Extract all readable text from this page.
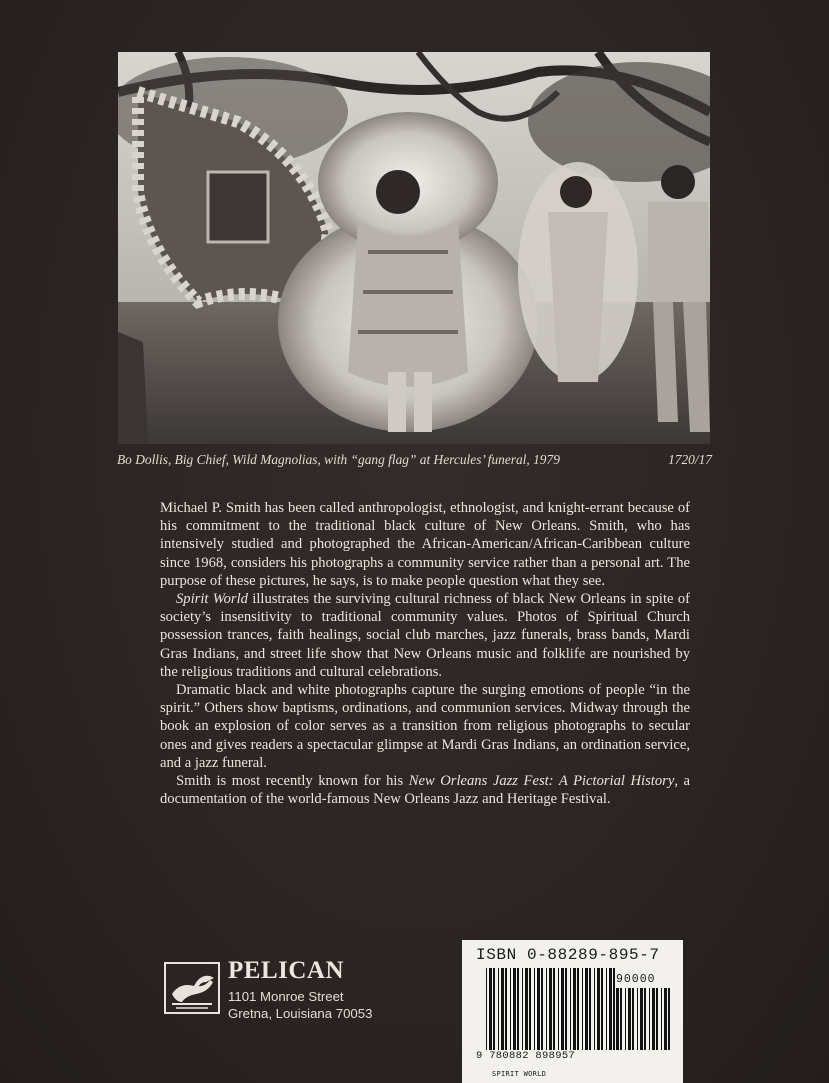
Bo Dollis, Big Chief, Wild Magnolias, with “gang flag” at Hercules’ funeral, 1979	1720/17

Michael P. Smith has been called anthropologist, ethnologist, and knight-errant because of his commitment to the traditional black culture of New Orleans. Smith, who has intensively studied and photographed the African-American/African-Caribbean culture since 1968, considers his photographs a community service rather than a personal art. The purpose of these pictures, he says, is to make people question what they see.

Spirit World illustrates the surviving cultural richness of black New Orleans in spite of society’s insensitivity to traditional community values. Photos of Spiritual Church possession trances, faith healings, social club marches, jazz funerals, brass bands, Mardi Gras Indians, and street life show that New Orleans music and folklife are nourished by the religious traditions and cultural celebrations.

Dramatic black and white photographs capture the surging emotions of people “in the spirit.” Others show baptisms, ordinations, and communion services. Midway through the book an explosion of color serves as a transition from religious photographs to secular ones and gives readers a spectacular glimpse at Mardi Gras Indians, an ordination service, and a jazz funeral.

Smith is most recently known for his New Orleans Jazz Fest: A Pictorial History, a documentation of the world-famous New Orleans Jazz and Heritage Festival.

PELICAN
1101 Monroe Street
Gretna, Louisiana 70053
ISBN 0-88289-895-7
90000
9 780882 898957
SPIRIT WORLD
